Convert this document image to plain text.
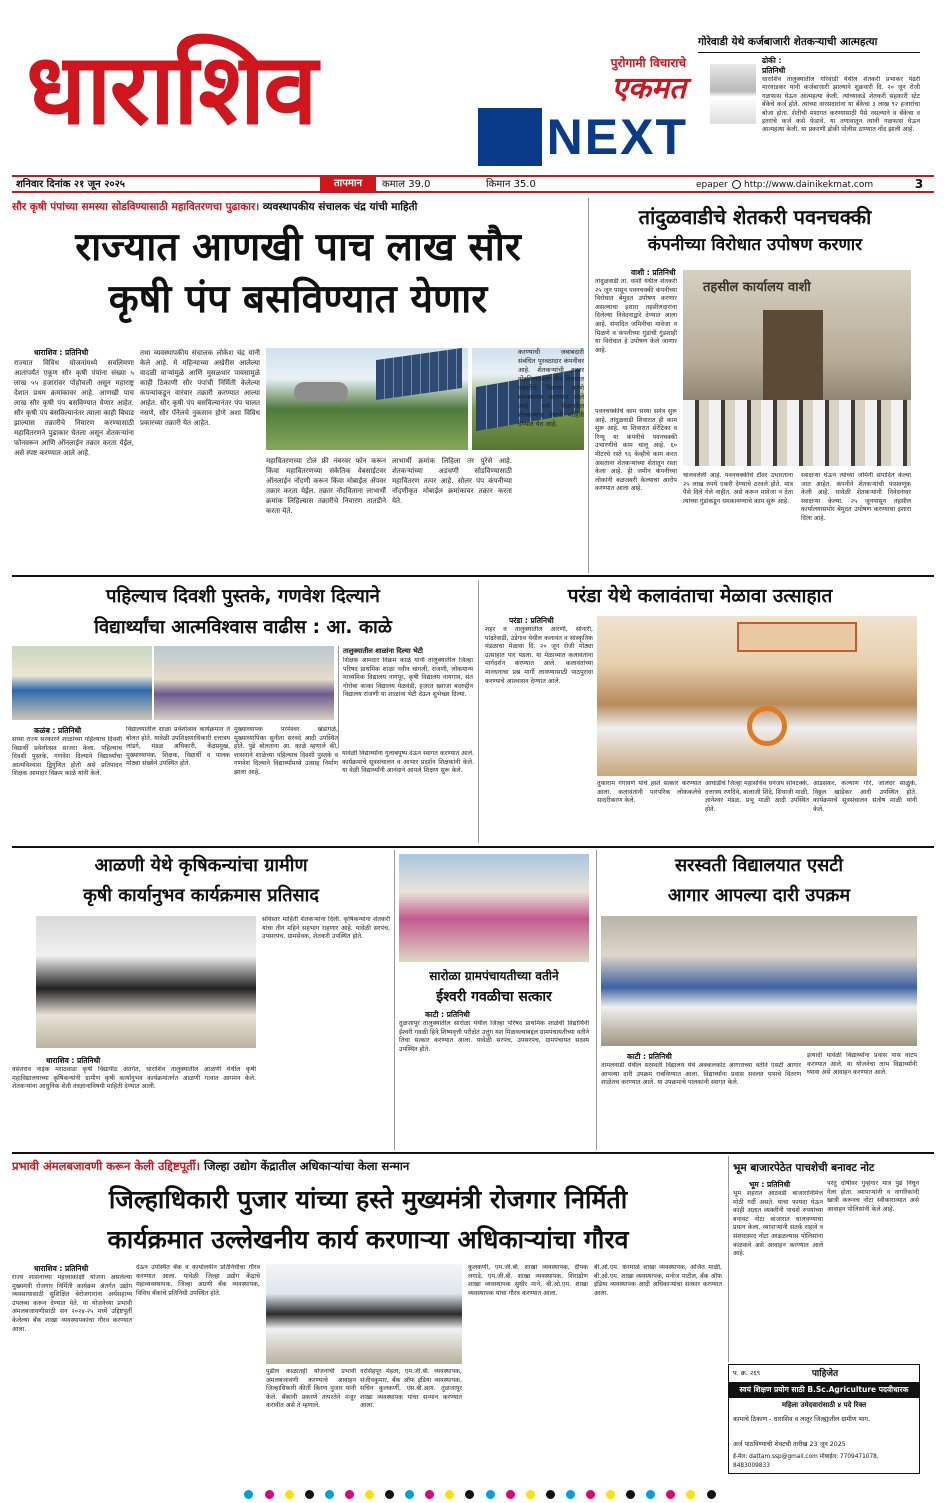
धाराशिव	पुरोगामी विचाराचे
एकमत
NEXT
गोरेवाडी येथे कर्जबाजारी शेतकऱ्याची आत्महत्या
ढोकी :
प्रतिनिधी
धाराशिव तालुक्यातील गोरेवाडी येथील शेतकरी प्रभाकर पंढरी मारवाडकर यांनी कर्जबाजारी झाल्याने शुक्रवारी दि. २० जून रोजी गळफास घेऊन आत्महत्या केली. त्यांच्याकडे शेतकरी सहकारी स्टेट बँकेचे कर्ज होते. त्यांच्या वारसदारांना या बँकेचा ३ लाख ९२ हजारांचा बोजा होता. शेतीची मशागत करण्यासाठी पैसे नसल्याने व बँकेचा व इतरांचे कर्ज कसे फेडावे, या तणावातून त्यांनी गळफास घेऊन आत्महत्या केली. या प्रकरणी ढोकी पोलीस ठाण्यात नोंद झाली आहे.
शनिवार दिनांक २१ जून २०२५	तापमान	कमाल 39.0	किमान 35.0	epaper	http://www.dainikekmat.com	3
सौर कृषी पंपांच्या समस्या सोडविण्यासाठी महावितरणचा पुढाकार। व्यवस्थापकीय संचालक चंद्र यांची माहिती
राज्यात आणखी पाच लाख सौर
कृषी पंप बसविण्यात येणार
धाराशिव : प्रतिनिधी
राज्यात विविध योजनांमध्ये सवलिमणा आतापर्यंत एकूण सौर कृषी पंपांना संख्या ५ लाख ५५ हजारांवर पोहोचली असून महाराष्ट्र देशात प्रथम क्रमांकावर आहे. आणखी पाच लाख सौर कृषी पंप बसविण्यात येणार आहेत. सौर कृषी पंप बसविल्यानंतर त्याला काही बिघाड झाल्यास तक्रारीचे निवारण करण्यासाठी महावितरणने पुढाकार घेतला असून शेतकऱ्यांना फोनवरून आणि ऑनलाईन तक्रार करता येईल, असे स्पष्ट करण्यात आले आहे.
तथा व्यवस्थापकीय संचालक लोकेश चंद्र यांनी केले आहे. मे महिन्याच्या अखेरीस आलेल्या वादळी वाऱ्यांमुळे आणि मुसळधार पावसामुळे काही ठिकाणी सौर पंपांची निर्मिती केलेल्या कंपन्यांकडून वारंवार तक्रारी करण्यात आल्या आहेत. सौर कृषी पंप बसविल्यानंतर पंप चालत नसणे, सौर पॅनेलचे नुकसान होणे अशा विविध प्रकारच्या तक्रारी येत आहेत.
महावितरणच्या टोल फ्री नंबरवर फोन करून किंवा महावितरणच्या संकेतिक वेबसाईटवर ऑनलाईन नोंदणी करून किंवा मोबाईल ॲपवर तक्रार करता येईल. तक्रार नोंदविताना लाभार्थी क्रमांक लिहिल्यास तक्रारीचे निवारण तातडीने करता येते.
लाभार्थी क्रमांक लिहिला तर पुरेसे आहे. शेतकऱ्यांच्या अडचणी सोडविण्यासाठी महावितरण तत्पर आहे. सोलर पंप कंपनीच्या नोंदणीकृत मोबाईल क्रमांकावर तक्रार करता येते.
करण्याची जबाबदारी संबंधित पुरवठादार कंपनीवर आहे. शेतकऱ्यांची तक्रार नोंदविल्यानंतर तीन दिवसांत तक्रारीचे निवारण करणे बंधनकारक करण्यात आले आहे. सर्व केंद्रावरील शेतकऱ्यांना पंपाची माहिती देण्यात येत आहे.
तांदुळवाडीचे शेतकरी पवनचक्की
कंपनीच्या विरोधात उपोषण करणार
वाशी : प्रतिनिधी
तांदुळवाडी ता. वाशी येथील शेतकरी २५ जून पासून पवनचक्की कंपनीच्या विरोधात बेमुदत उपोषण करणार असल्याचा इशारा तहसीलदारांना दिलेल्या निवेदनाद्वारे देण्यात आला आहे. संपादित जमिनीचा मावेजा न मिळणे व कंपनीच्या गुंडांची गुंडशाही या विरोधात हे उपोषण केले जाणार आहे.
तहसील कार्यालय वाशी
पवनचक्कीचे काम सध्या सर्वत्र सुरू आहे. तांदुळवाडी शिवारात ही काम सुरू आहे. या शिवारात सेरेंटिका व रिन्यू या कंपनीचे पवनचक्की उभारणीचे काम चालू आहे. ६० मीटरचे रस्ते ९६ केव्हीचे काम करत असताना शेतकऱ्यांच्या शेतातून रस्ता केला आहे. ही जमीन कंपनीच्या लोकांनी बळजबरी केल्याचा आरोप करण्यात आला आहे.
चालवलेली आहे. पवनचक्कीचे टॉवर उभारताना २५ लाख रुपये एकरी देण्याचे ठरवले होते. मात्र पैसे दिले गेले नाहीत. असे करून मावेजा न देता त्यांच्या गुंडांकडून धमकावण्याचे काम सुरू आहे.
स्वाक्षऱ्या घेऊन त्यांच्या जमिनी संपादित केल्या जात आहेत. कंपनीने शेतकऱ्यांची फसवणूक केली आहे. यावेळी शेतकऱ्यांनी निवेदनावर स्वाक्षऱ्या केल्या. २५ जूनपासून तहसील कार्यालयासमोर बेमुदत उपोषण करण्याचा इशारा दिला आहे.
पहिल्याच दिवशी पुस्तके, गणवेश दिल्याने
विद्यार्थ्यांचा आत्मविश्वास वाढीस : आ. काळे
तालुक्यातील शाळांना दिल्या भेटी
शिक्षक आमदार विक्रम काळे यांनी तालुक्यातील जिल्हा परिषद प्राथमिक शाळा नवीन चांगली, रांजणी, लोकमान्य माध्यमिक विद्यालय नागपूर, कृषी विद्यालय नायगाव, संत गोरोबा काका विद्यालय येळवंडी, हजरत ख्वाजा बदरुद्दीन विद्यालय रांजणी या शाळांना भेटी देऊन शुभेच्छा दिल्या.
कळंब : प्रतिनिधी
सध्या राज्य सरकारने शाळांच्या पहिल्याच दिवशी विद्यार्थी प्रवेशोत्सव साजरा केला. पहिल्याच दिवशी पुस्तके, गणवेश दिल्याने विद्यार्थ्यांचा आत्मविश्वास द्विगुणित होतो असे प्रतिपादन शिक्षक आमदार विक्रम काळे यांनी केले.
विद्यालयातील शाळा प्रवेशोत्सव कार्यक्रमात ते बोलत होते. यावेळी उपशिक्षणाधिकारी दत्तात्रय लांडगे, मंडळ अधिकारी, केंद्रप्रमुख, मुख्याध्यापक, शिक्षक, विद्यार्थी व पालक मोठ्या संख्येने उपस्थित होते.
मुख्याध्यापक परमेश्वर खंडागळे, मुख्याध्यापिका सुनीता सरवदे आदी उपस्थित होते. पुढे बोलताना आ. काळे म्हणाले की, शासनाने शाळेच्या पहिल्याच दिवशी पुस्तके व गणवेश दिल्याने विद्यार्थ्यांमध्ये उत्साह निर्माण झाला आहे.
यावेळी विद्यार्थ्यांना गुलाबपुष्प देऊन स्वागत करण्यात आले. कार्यक्रमाचे सूत्रसंचालन व आभार प्रदर्शन शिक्षकांनी केले. या वेळी विद्यार्थ्यांनी आनंदाने आपले शिक्षण सुरू केले.
परंडा येथे कलावंताचा मेळावा उत्साहात
परंडा : प्रतिनिधी
शहर व तालुक्यातील आरणी, सोनारी, पांढरेवाडी, उंडेगाव येथील कलावंत व सांस्कृतिक मंडळाचा मेळावा दि. २० जून रोजी मोठ्या उत्साहात पार पडला. या मेळाव्यात कलावंतांना मार्गदर्शन करण्यात आले. कलावंतांच्या मानधनाचा प्रश्न मार्गी लावण्यासाठी पाठपुरावा करण्याचे आश्वासन देण्यात आले.
तुकाराम गंगावणे यांचे हस्ते सत्कार करण्यात आला. कलावंतांनी पारंपरिक लोककलेचे सादरीकरण केले.
आघाडीचे जिल्हा महासचिव धनंजय सोनटक्के, दत्तात्रय रणदिवे, बालाजी शिंदे, शिवाजी माळी, ज्ञानेश्वर मंडळ, प्रभू माळी आदी उपस्थित होते.
आडसकर, कल्याण गोरे, जालंदर साळुंके, विठ्ठल खांडेकर आदी उपस्थित होते. कार्यक्रमाचे सूत्रसंचालन संतोष माळी यांनी केले.
आळणी येथे कृषिकन्यांचा ग्रामीण
कृषी कार्यानुभव कार्यक्रमास प्रतिसाद
सविस्तर माहिती शेतकऱ्यांना दिली. कृषिकन्यांना शेतकरी यांचा तीन महिने सहभाग राहणार आहे. यावेळी सरपंच, उपसरपंच, ग्रामसेवक, शेतकरी उपस्थित होते.
धाराशिव : प्रतिनिधी
वसंतराव नाईक मराठवाडा कृषी विद्यापीठ अंतर्गत, धाराशिव तालुक्यातील आळणी येथील कृषी महाविद्यालयाच्या कृषिकन्यांनी ग्रामीण कृषी कार्यानुभव कार्यक्रमांतर्गत आळणी गावात आगमन केले. शेतकऱ्यांना आधुनिक शेती तंत्रज्ञानाविषयी माहिती देण्यात आली.
सारोळा ग्रामपंचायतीच्या वतीने
ईश्वरी गवळीचा सत्कार
काटी : प्रतिनिधी
तुळजापूर तालुक्यातील सारोळा येथील जिल्हा परिषद प्राथमिक शाळेची विद्यार्थिनी ईश्वरी गवळी हिने शिष्यवृत्ती परीक्षेत उत्तुंग यश मिळवल्याबद्दल ग्रामपंचायतीच्या वतीने तिचा सत्कार करण्यात आला. यावेळी सरपंच, उपसरपंच, ग्रामपंचायत सदस्य उपस्थित होते.
सरस्वती विद्यालयात एसटी
आगार आपल्या दारी उपक्रम
काटी : प्रतिनिधी
तामलवाडी येथील सरस्वती विद्यालय येथे अक्कलकोट आगाराच्या वतीने एसटी आगार आपल्या दारी उपक्रम राबविण्यात आला. विद्यार्थ्यांना प्रवास सवलत पासचे वितरण शाळेतच करण्यात आले. या उपक्रमाचे पालकांनी स्वागत केले.
इत्यादी यावेळी विद्यार्थ्यांना प्रवास पास वाटप करण्यात आले. या योजनेचा लाभ विद्यार्थ्यांनी घ्यावा असे आवाहन करण्यात आले.
प्रभावी अंमलबजावणी करून केली उद्दिष्टपूर्ती। जिल्हा उद्योग केंद्रातील अधिकाऱ्यांचा केला सन्मान
जिल्हाधिकारी पुजार यांच्या हस्ते मुख्यमंत्री रोजगार निर्मिती
कार्यक्रमात उल्लेखनीय कार्य करणाऱ्या अधिकाऱ्यांचा गौरव
धाराशिव : प्रतिनिधी
राज्य शासनाच्या महत्त्वाकांक्षी योजना असलेल्या मुख्यमंत्री रोजगार निर्मिती कार्यक्रम अंतर्गत उद्योग व्यवसायासाठी सुशिक्षित बेरोजगारांना अर्थसहाय्य उपलब्ध करून देण्यात येते. या योजनेच्या प्रभावी अंमलबजावणीसाठी सन २०२४-२५ मध्ये उद्दिष्टपूर्ती केलेल्या बँक शाखा व्यवस्थापकांचा गौरव करण्यात आला.
देऊन उपस्थित बँक व कार्यालयीन प्रतिनिधींचा गौरव करण्यात आला. यावेळी जिल्हा उद्योग केंद्राचे महाव्यवस्थापक, जिल्हा अग्रणी बँक व्यवस्थापक, विविध बँकांचे प्रतिनिधी उपस्थित होते.
पुढील काळातही योजनांची प्रभावी अंमलबजावणी करण्याचे आवाहन जिल्हाधिकारी कीर्ती किरण पुजार यांनी केले. बँकांनी प्रकरणे तत्परतेने मंजूर करावीत असे ते म्हणाले.
नरसिंहपूर मेहता, एम.जी.बी. व्यवस्थापक, संजीवकुमार, बँक ऑफ इंडिया व्यवस्थापक, सचिन कुलकर्णी, एस.बी.आय. तुळजापूर शाखा व्यवस्थापक यांचा सन्मान करण्यात आला.
कुलकर्णी, एम.जी.बी. शाखा व्यवस्थापक, दीपक लगाडे, एम.जी.बी. शाखा व्यवस्थापक, शिराढोण शाखा व्यवस्थापक सुधीर माने, बी.ओ.एम. शाखा व्यवस्थापक यांचा गौरव करण्यात आला.
बी.ओ.एम. करमाळे शाखा व्यवस्थापक, अजित माळी, बी.ओ.एम. शाखा व्यवस्थापक, मनोज पाटील, बँक ऑफ इंडिया व्यवस्थापक आदी अधिकाऱ्यांचा सत्कार करण्यात आला.
भूम बाजारपेठेत पाचशेची बनावट नोट
भूम : प्रतिनिधी
भूम शहरात आठवडी बाजारानिमित्त मोठी गर्दी असते. याचा फायदा घेऊन काही अज्ञात व्यक्तींनी पाचशे रुपयांच्या बनावट नोटा बाजारात चालवण्याचा प्रयत्न केला. व्यापाऱ्यांनी सतर्क राहावे व संशयास्पद नोटा आढळल्यास पोलिसांना कळवावे असे आवाहन करण्यात आले आहे.
परंतु दोषींवर गुन्हेगार मात्र पुढे निघून गेला होता. व्यापाऱ्यांनी व नागरिकांनी खात्री करूनच नोटा स्वीकाराव्यात असे आवाहन पोलिसांनी केले आहे.
प. क्र. २६९	पाहिजेत
स्वयं शिक्षण प्रयोग साठी B.Sc.Agriculture पदवीधारक
महिला उमेदवारांसाठी ४ पदे रिक्त
कामाचे ठिकाण - धाराशिव व लातूर जिल्ह्यातील ग्रामीण भाग.
अर्ज पाठविण्याची शेवटची तारीख 23 जून 2025
ई-मेल: dattam.ssp@gmail.com मोबाईल: 7709471078, 8483009833
